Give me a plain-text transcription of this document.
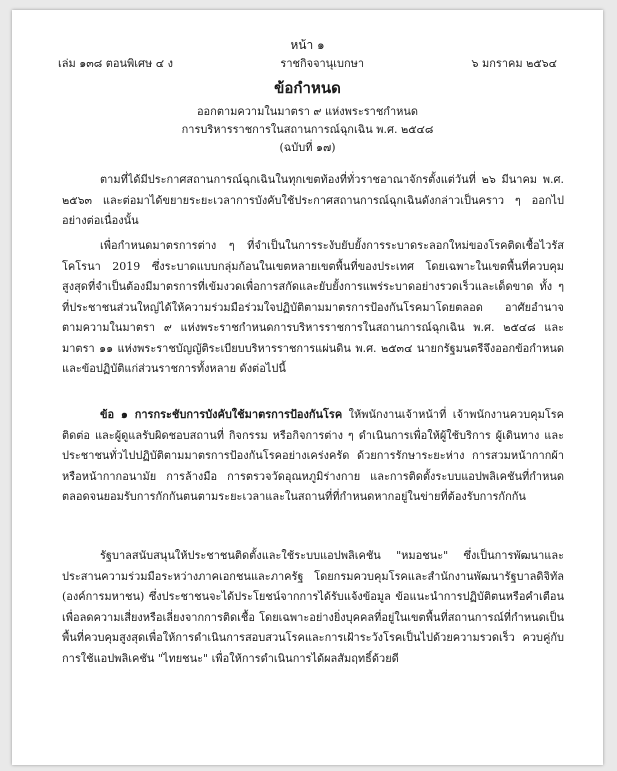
หน้า ๑
เล่ม ๑๓๘ ตอนพิเศษ ๔ ง	ราชกิจจานุเบกษา	๖ มกราคม ๒๕๖๔
ข้อกำหนด
ออกตามความในมาตรา ๙ แห่งพระราชกำหนด
การบริหารราชการในสถานการณ์ฉุกเฉิน พ.ศ. ๒๕๔๘
(ฉบับที่ ๑๗)

ตามที่ได้มีประกาศสถานการณ์ฉุกเฉินในทุกเขตท้องที่ทั่วราชอาณาจักรตั้งแต่วันที่ ๒๖ มีนาคม พ.ศ. ๒๕๖๓ และต่อมาได้ขยายระยะเวลาการบังคับใช้ประกาศสถานการณ์ฉุกเฉินดังกล่าวเป็นคราว ๆ ออกไปอย่างต่อเนื่องนั้น

เพื่อกำหนดมาตรการต่าง ๆ ที่จำเป็นในการระงับยับยั้งการระบาดระลอกใหม่ของโรคติดเชื้อไวรัสโคโรนา 2019 ซึ่งระบาดแบบกลุ่มก้อนในเขตหลายเขตพื้นที่ของประเทศ โดยเฉพาะในเขตพื้นที่ควบคุมสูงสุดที่จำเป็นต้องมีมาตรการที่เข้มงวดเพื่อการสกัดและยับยั้งการแพร่ระบาดอย่างรวดเร็วและเด็ดขาด ทั้ง ๆ ที่ประชาชนส่วนใหญ่ได้ให้ความร่วมมือร่วมใจปฏิบัติตามมาตรการป้องกันโรคมาโดยตลอด อาศัยอำนาจตามความในมาตรา ๙ แห่งพระราชกำหนดการบริหารราชการในสถานการณ์ฉุกเฉิน พ.ศ. ๒๕๔๘ และมาตรา ๑๑ แห่งพระราชบัญญัติระเบียบบริหารราชการแผ่นดิน พ.ศ. ๒๕๓๔ นายกรัฐมนตรีจึงออกข้อกำหนดและข้อปฏิบัติแก่ส่วนราชการทั้งหลาย ดังต่อไปนี้

ข้อ ๑ การกระชับการบังคับใช้มาตรการป้องกันโรค ให้พนักงานเจ้าหน้าที่ เจ้าพนักงานควบคุมโรคติดต่อ และผู้ดูแลรับผิดชอบสถานที่ กิจกรรม หรือกิจการต่าง ๆ ดำเนินการเพื่อให้ผู้ใช้บริการ ผู้เดินทาง และประชาชนทั่วไปปฏิบัติตามมาตรการป้องกันโรคอย่างเคร่งครัด ด้วยการรักษาระยะห่าง การสวมหน้ากากผ้าหรือหน้ากากอนามัย การล้างมือ การตรวจวัดอุณหภูมิร่างกาย และการติดตั้งระบบแอปพลิเคชันที่กำหนด ตลอดจนยอมรับการกักกันตนตามระยะเวลาและในสถานที่ที่กำหนดหากอยู่ในข่ายที่ต้องรับการกักกัน

รัฐบาลสนับสนุนให้ประชาชนติดตั้งและใช้ระบบแอปพลิเคชัน "หมอชนะ" ซึ่งเป็นการพัฒนาและประสานความร่วมมือระหว่างภาคเอกชนและภาครัฐ โดยกรมควบคุมโรคและสำนักงานพัฒนารัฐบาลดิจิทัล (องค์การมหาชน) ซึ่งประชาชนจะได้ประโยชน์จากการได้รับแจ้งข้อมูล ข้อแนะนำการปฏิบัติตนหรือคำเตือนเพื่อลดความเสี่ยงหรือเลี่ยงจากการติดเชื้อ โดยเฉพาะอย่างยิ่งบุคคลที่อยู่ในเขตพื้นที่สถานการณ์ที่กำหนดเป็นพื้นที่ควบคุมสูงสุดเพื่อให้การดำเนินการสอบสวนโรคและการเฝ้าระวังโรคเป็นไปด้วยความรวดเร็ว ควบคู่กับการใช้แอปพลิเคชัน "ไทยชนะ" เพื่อให้การดำเนินการได้ผลสัมฤทธิ์ด้วยดี
